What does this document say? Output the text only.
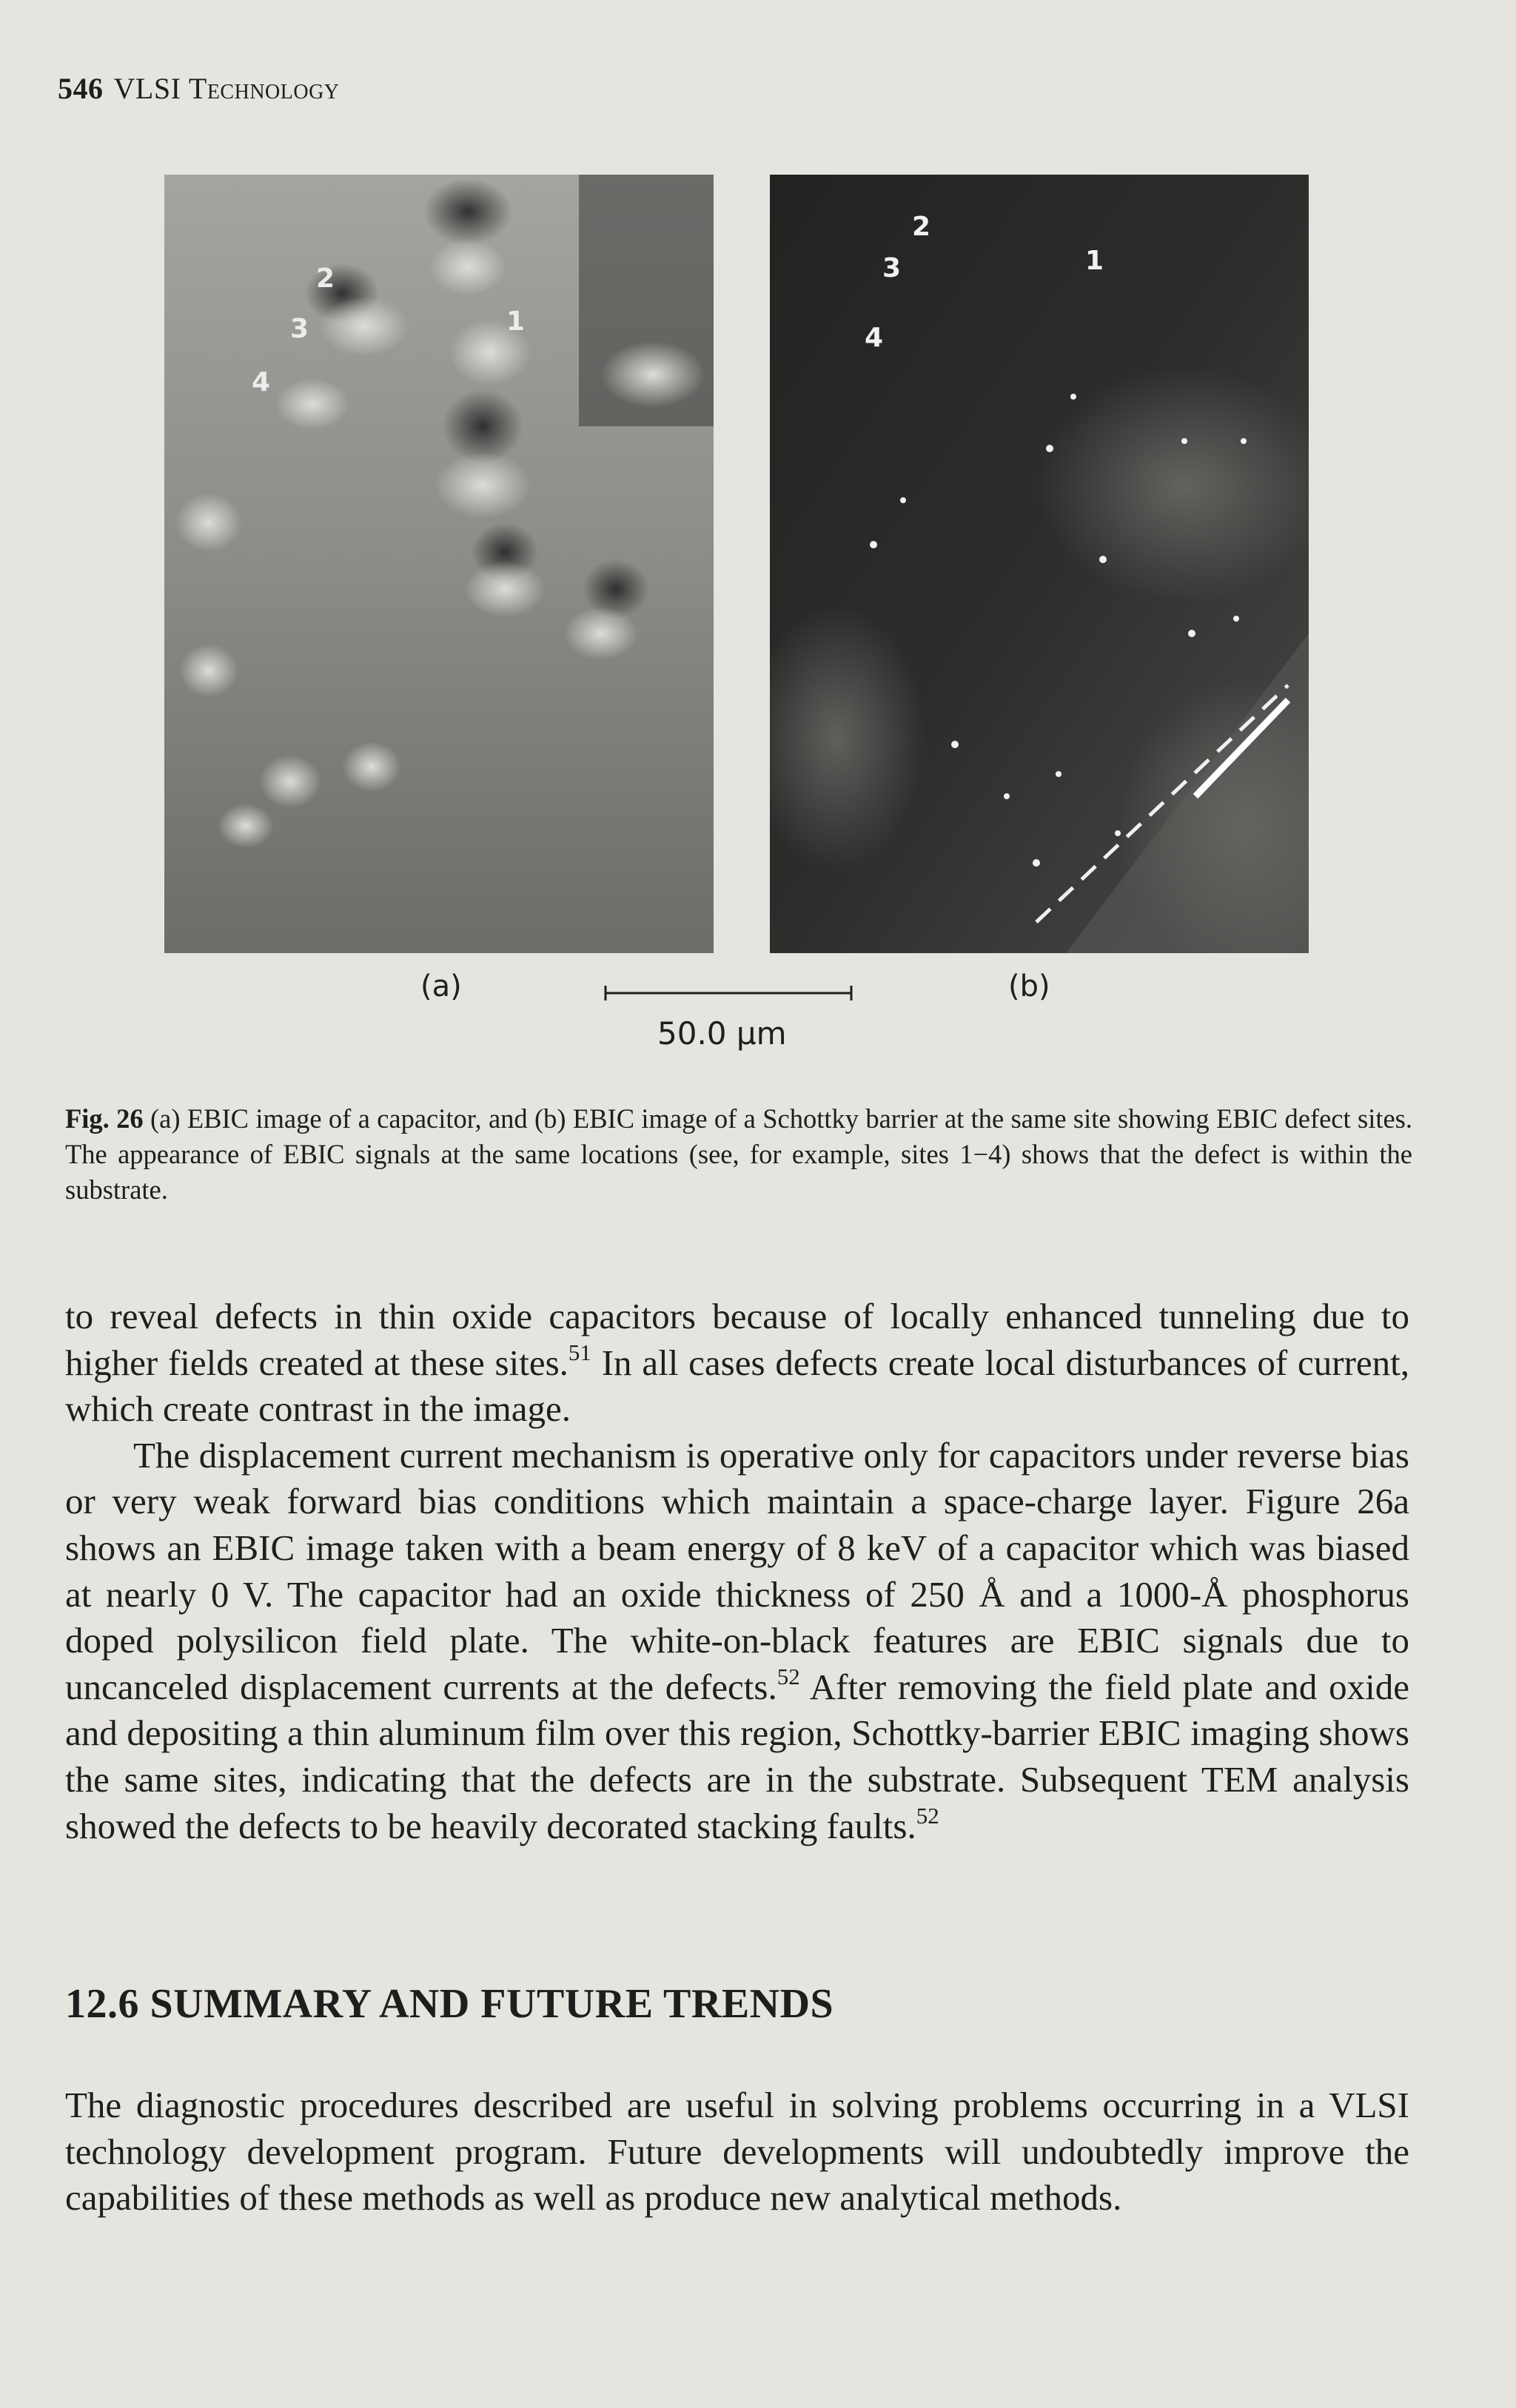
546 VLSI Technology
2
3
4
1
2
3
4
1
(a)	(b)
50.0 μm
Fig. 26 (a) EBIC image of a capacitor, and (b) EBIC image of a Schottky barrier at the same site showing EBIC defect sites. The appearance of EBIC signals at the same locations (see, for example, sites 1−4) shows that the defect is within the substrate.

to reveal defects in thin oxide capacitors because of locally enhanced tunneling due to higher fields created at these sites.$^{51}$ In all cases defects create local disturbances of current, which create contrast in the image.

The displacement current mechanism is operative only for capacitors under reverse bias or very weak forward bias conditions which maintain a space-charge layer. Figure 26a shows an EBIC image taken with a beam energy of 8 keV of a capacitor which was biased at nearly 0 V. The capacitor had an oxide thickness of 250 Å and a 1000-Å phosphorus doped polysilicon field plate. The white-on-black features are EBIC signals due to uncanceled displacement currents at the defects.$^{52}$ After removing the field plate and oxide and depositing a thin aluminum film over this region, Schottky-barrier EBIC imaging shows the same sites, indicating that the defects are in the substrate. Subsequent TEM analysis showed the defects to be heavily decorated stacking faults.$^{52}$

12.6 SUMMARY AND FUTURE TRENDS

The diagnostic procedures described are useful in solving problems occurring in a VLSI technology development program. Future developments will undoubtedly improve the capabilities of these methods as well as produce new analytical methods.
